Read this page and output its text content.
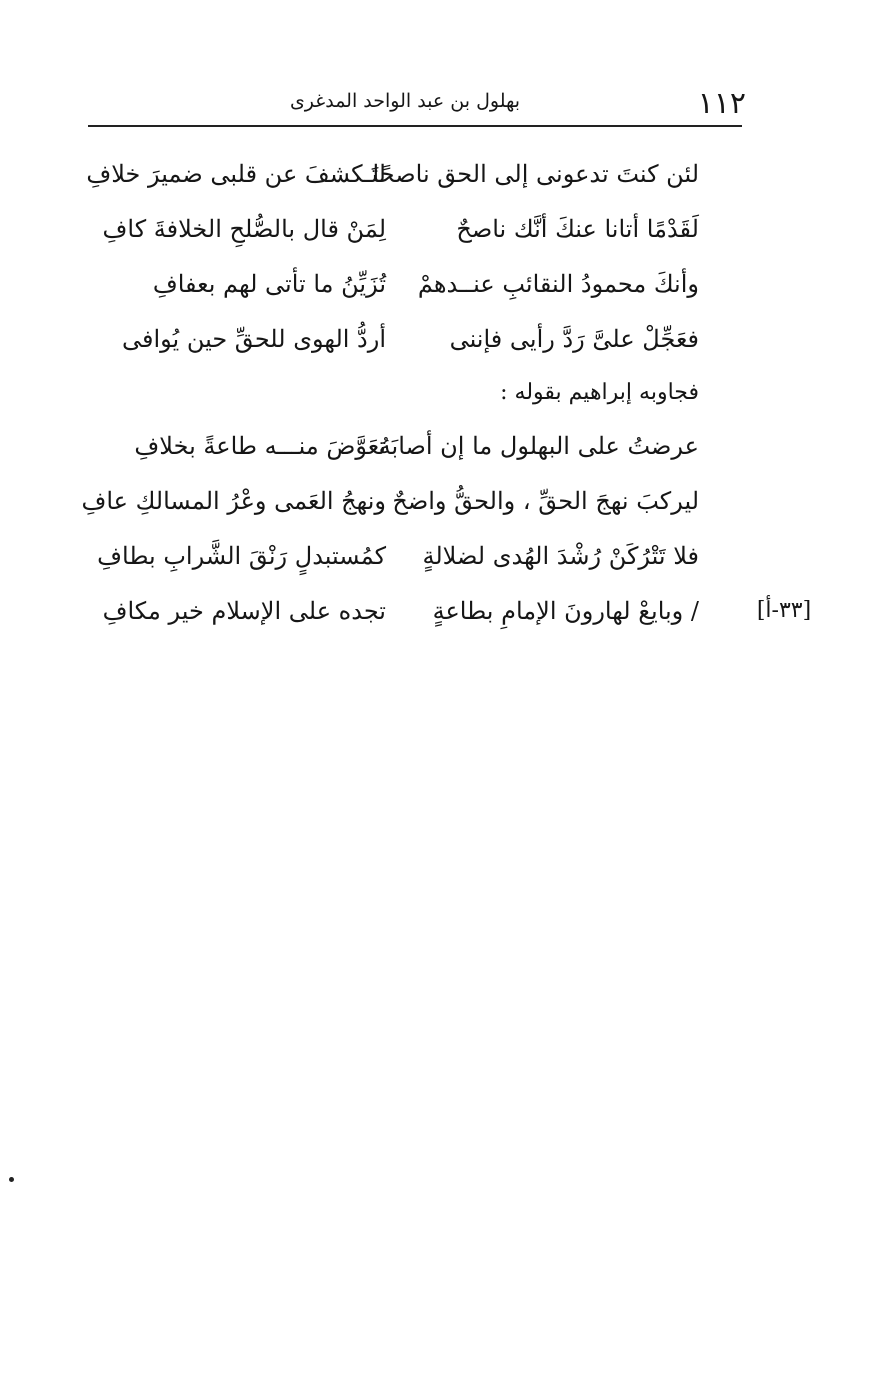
١١٢
بهلول بن عبد الواحد المدغرى
لئن كنتَ تدعونى إلى الحق ناصحًا
لتَـكشفَ عن قلبى ضميرَ خلافِ
لَقَدْمًا أتانا عنكَ أنَّك ناصحٌ
لِمَنْ قال بالصُّلحِ الخلافةَ كافِ
وأنكَ محمودُ النقائبِ عنــدهمْ
تُزَيِّنُ ما تأتى لهم بعفافِ
فعَجِّلْ علىَّ رَدَّ رأيى فإننى
أردُّ الهوى للحقِّ حين يُوافى
فجاوبه إبراهيم بقوله :
عرضتُ على البهلول ما إن أصابَهُ
تعَوَّضَ منـــه طاعةً بخلافِ
ليركبَ نهجَ الحقِّ ، والحقُّ واضحٌ
ونهجُ العَمى وعْرُ المسالكِ عافِ
فلا تَتْرُكَنْ رُشْدَ الهُدى لضلالةٍ
كمُستبدلٍ رَنْقَ الشَّرابِ بطافِ
/ وبايعْ لهارونَ الإمامِ بطاعةٍ
تجده على الإسلام خير مكافِ	[٣٣-أ]
